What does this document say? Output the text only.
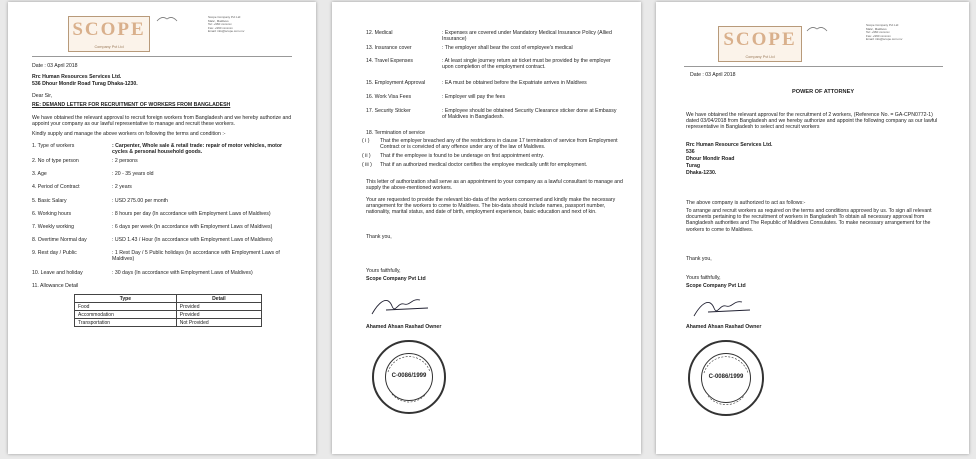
SCOPE
Company Pvt Ltd
Scope Company Pvt Ltd
Male', Maldives
Tel: +960 xxxxxxx
Fax: +960 xxxxxxx
Email: info@scope.com.mv
Date : 03 April 2018
Rrc Human Resources Services Ltd.
536 Dhour Mondir Road Turag Dhaka-1230.
Dear Sir,
RE: DEMAND LETTER FOR RECRUITMENT OF WORKERS FROM BANGLADESH
We have obtained the relevant approval to recruit foreign workers from Bangladesh and we hereby authorize and appoint your company as our lawful representative to manage and recruit these workers.
Kindly supply and manage the above workers on following the terms and condition :-
1. Type of workers	: Carpenter, Whole sale & retail trade: repair of motor vehicles, motor cycles & personal household goods.
2. No of type person	: 2 persons
3. Age	: 20 - 35 years old
4. Period of Contract	: 2 years
5. Basic Salary	: USD 275.00 per month
6. Working hours	: 8 hours per day (In accordance with Employment Laws of Maldives)
7. Weekly working	: 6 days per week (In accordance with Employment Laws of Maldives)
8. Overtime Normal day	: USD 1.43 / Hour (In accordance with Employment Laws of Maldives)
9. Rest day / Public	: 1 Rest Day / 5 Public holidays (In accordance with Employment Laws of Maldives)
10. Leave and holiday	: 30 days (In accordance with Employment Laws of Maldives)
11. Allowance Detail
Type	Detail
Food	Provided
Accommodation	Provided
Transportation	Not Provided
12. Medical	: Expenses are covered under Mandatory Medical Insurance Policy (Allied Insurance)
13. Insurance cover	: The employer shall bear the cost of employee's medical
14. Travel Expenses	: At least single journey return air ticket must be provided by the employer upon completion of the employment contract.
15. Employment Approval	: EA must be obtained before the Expatriate arrives in Maldives
16. Work Visa Fees	: Employer will pay the fees
17. Security Sticker	: Employee should be obtained Security Clearance sticker done at Embassy of Maldives in Bangladesh.
18. Termination of service
( i ) That the employer breached any of the restrictions in clause 17 termination of service from Employment Contract or is convicted of any offence under any of the law of Maldives.
( ii ) That if the employee is found to be underage on first appointment entry.
( iii ) That if an authorized medical doctor certifies the employee medically unfit for employment.
This letter of authorization shall serve as an appointment to your company as a lawful consultant to manage and supply the above-mentioned workers.
Your are requested to provide the relevant bio-data of the workers concerned and kindly make the necessary arrangement for the workers to come to Maldives. The bio-data should include names, passport number, nationality, marital status, and date of birth, employment experience, basic education and next of kin.
Thank you,
Yours faithfully,
Scope Company Pvt Ltd
Ahamed Ahsan Rashad Owner
C-0086/1999
SCOPE
Company Pvt Ltd
Scope Company Pvt Ltd
Male', Maldives
Tel: +960 xxxxxxx
Fax: +960 xxxxxxx
Email: info@scope.com.mv
Date : 03 April 2018
POWER OF ATTORNEY
We have obtained the relevant approval for the recruitment of 2 workers, (Reference No. = GA-CPN0772-1) dated 03/04/2018 from Bangladesh and we hereby authorize and appoint the following company as our lawful representative in Bangladesh to select and recruit workers
Rrc Human Resource Services Ltd.
536
Dhour Mondir Road
Turag
Dhaka-1230.
The above company is authorized to act as follows:-
To arrange and recruit workers as required on the terms and conditions approved by us. To sign all relevant documents pertaining to the recruitment of workers in Bangladesh To obtain all necessary approval from Bangladesh authorities and The Republic of Maldives Consulates. To make necessary arrangement for the workers to come to Maldives.
Thank you,
Yours faithfully,
Scope Company Pvt Ltd
Ahamed Ahsan Rashad Owner
C-0086/1999
